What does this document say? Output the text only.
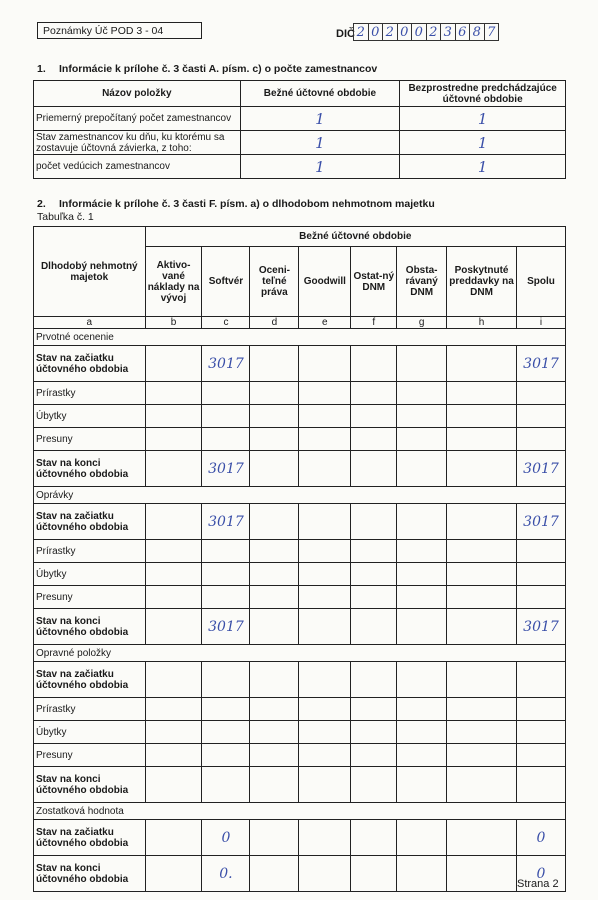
Poznámky Úč POD 3 - 04	DIČ 2 0 2 0 0 2 3 6 8 7
1. Informácie k prílohe č. 3 časti A. písm. c) o počte zamestnancov
Názov položky	Bežné účtovné obdobie	Bezprostredne predchádzajúce účtovné obdobie
Priemerný prepočítaný počet zamestnancov	1	1
Stav zamestnancov ku dňu, ku ktorému sa zostavuje účtovná závierka, z toho:	1	1
počet vedúcich zamestnancov	1	1
2. Informácie k prílohe č. 3 časti F. písm. a) o dlhodobom nehmotnom majetku
Tabuľka č. 1
Dlhodobý nehmotný majetok	Bežné účtovné obdobie							
	Aktivo-vané náklady na vývoj	Softvér	Oceni-teľné práva	Goodwill	Ostat-ný DNM	Obsta-rávaný DNM	Poskytnuté preddavky na DNM	Spolu
a	b	c	d	e	f	g	h	i
Prvotné ocenenie								
Stav na začiatku účtovného obdobia		3017						3017
Prírastky								
Úbytky								
Presuny								
Stav na konci účtovného obdobia		3017						3017
Oprávky								
Stav na začiatku účtovného obdobia		3017						3017
Prírastky								
Úbytky								
Presuny								
Stav na konci účtovného obdobia		3017						3017
Opravné položky								
Stav na začiatku účtovného obdobia								
Prírastky								
Úbytky								
Presuny								
Stav na konci účtovného obdobia								
Zostatková hodnota								
Stav na začiatku účtovného obdobia		0						0
Stav na konci účtovného obdobia		0.						0
Strana 2
